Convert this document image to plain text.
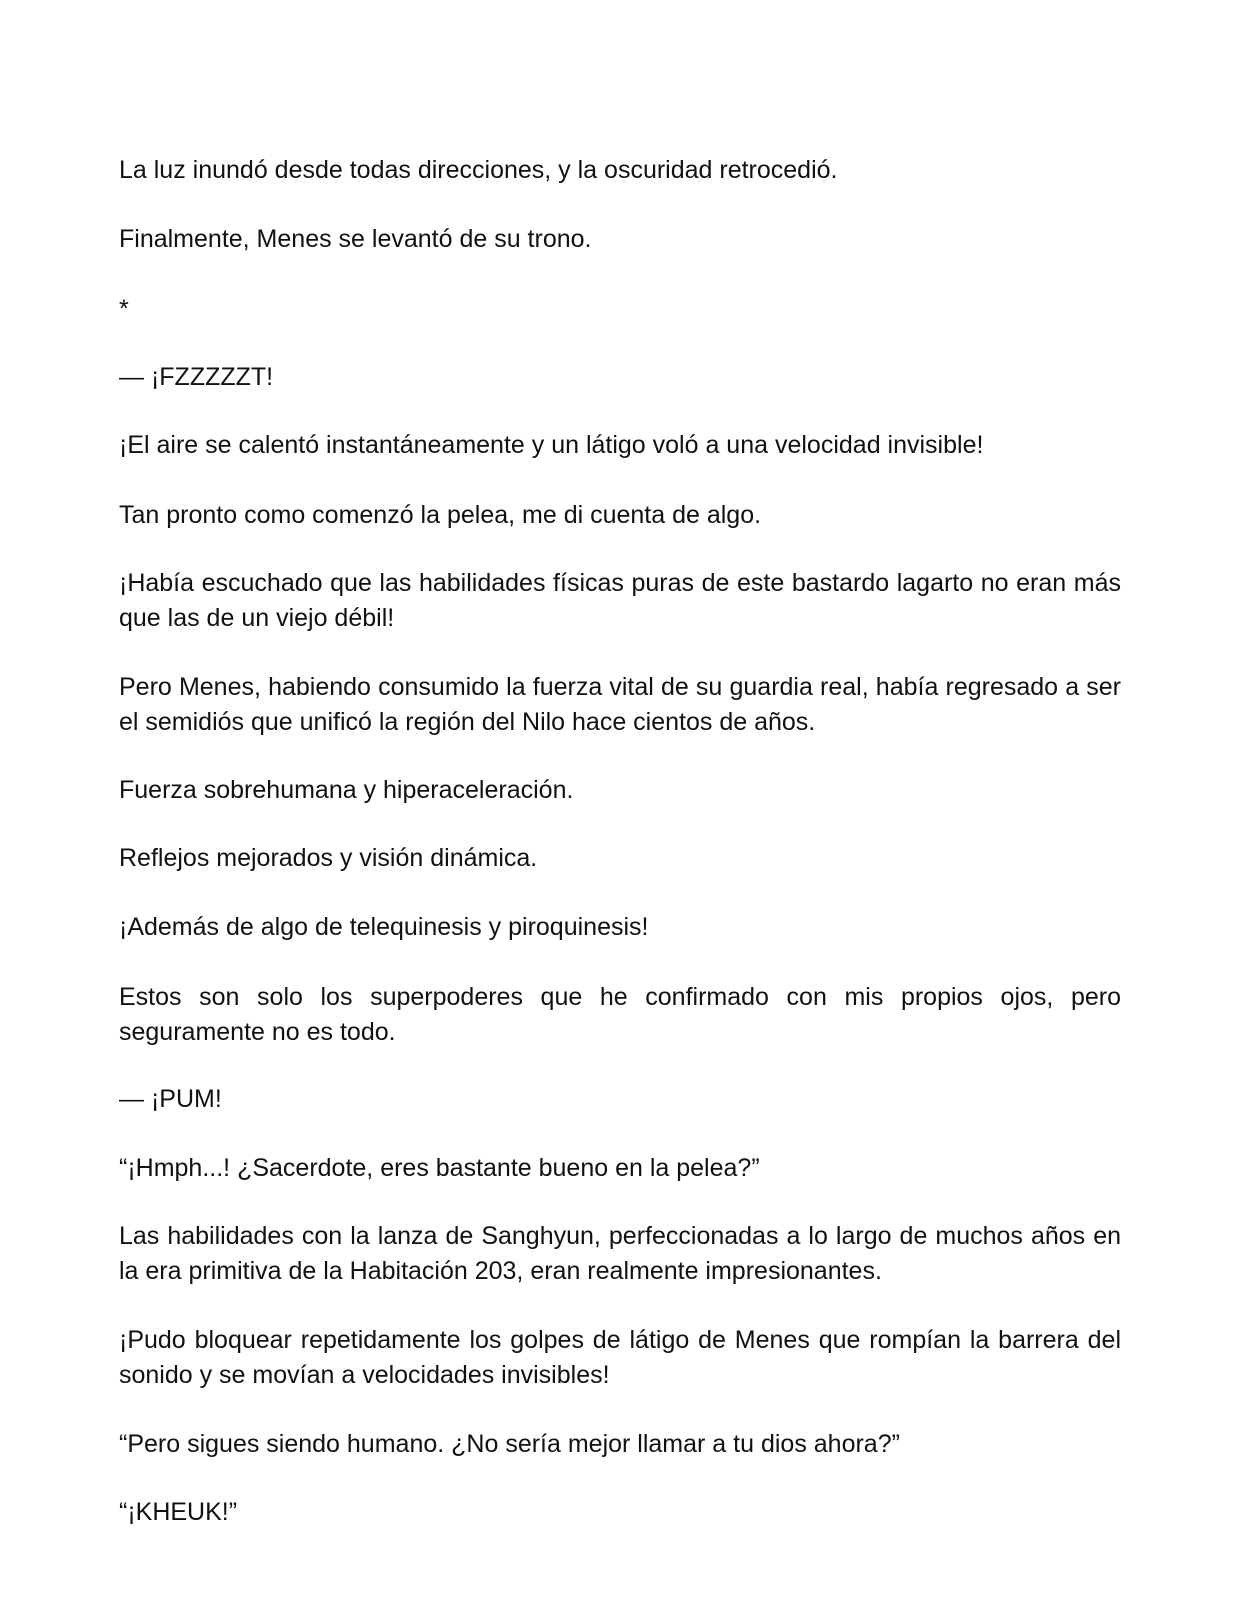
La luz inundó desde todas direcciones, y la oscuridad retrocedió.

Finalmente, Menes se levantó de su trono.

*

— ¡FZZZZZT!

¡El aire se calentó instantáneamente y un látigo voló a una velocidad invisible!

Tan pronto como comenzó la pelea, me di cuenta de algo.

¡Había escuchado que las habilidades físicas puras de este bastardo lagarto no eran más que las de un viejo débil!

Pero Menes, habiendo consumido la fuerza vital de su guardia real, había regresado a ser el semidiós que unificó la región del Nilo hace cientos de años.

Fuerza sobrehumana y hiperaceleración.

Reflejos mejorados y visión dinámica.

¡Además de algo de telequinesis y piroquinesis!

Estos son solo los superpoderes que he confirmado con mis propios ojos, pero seguramente no es todo.

— ¡PUM!

“¡Hmph...! ¿Sacerdote, eres bastante bueno en la pelea?”

Las habilidades con la lanza de Sanghyun, perfeccionadas a lo largo de muchos años en la era primitiva de la Habitación 203, eran realmente impresionantes.

¡Pudo bloquear repetidamente los golpes de látigo de Menes que rompían la barrera del sonido y se movían a velocidades invisibles!

“Pero sigues siendo humano. ¿No sería mejor llamar a tu dios ahora?”

“¡KHEUK!”
